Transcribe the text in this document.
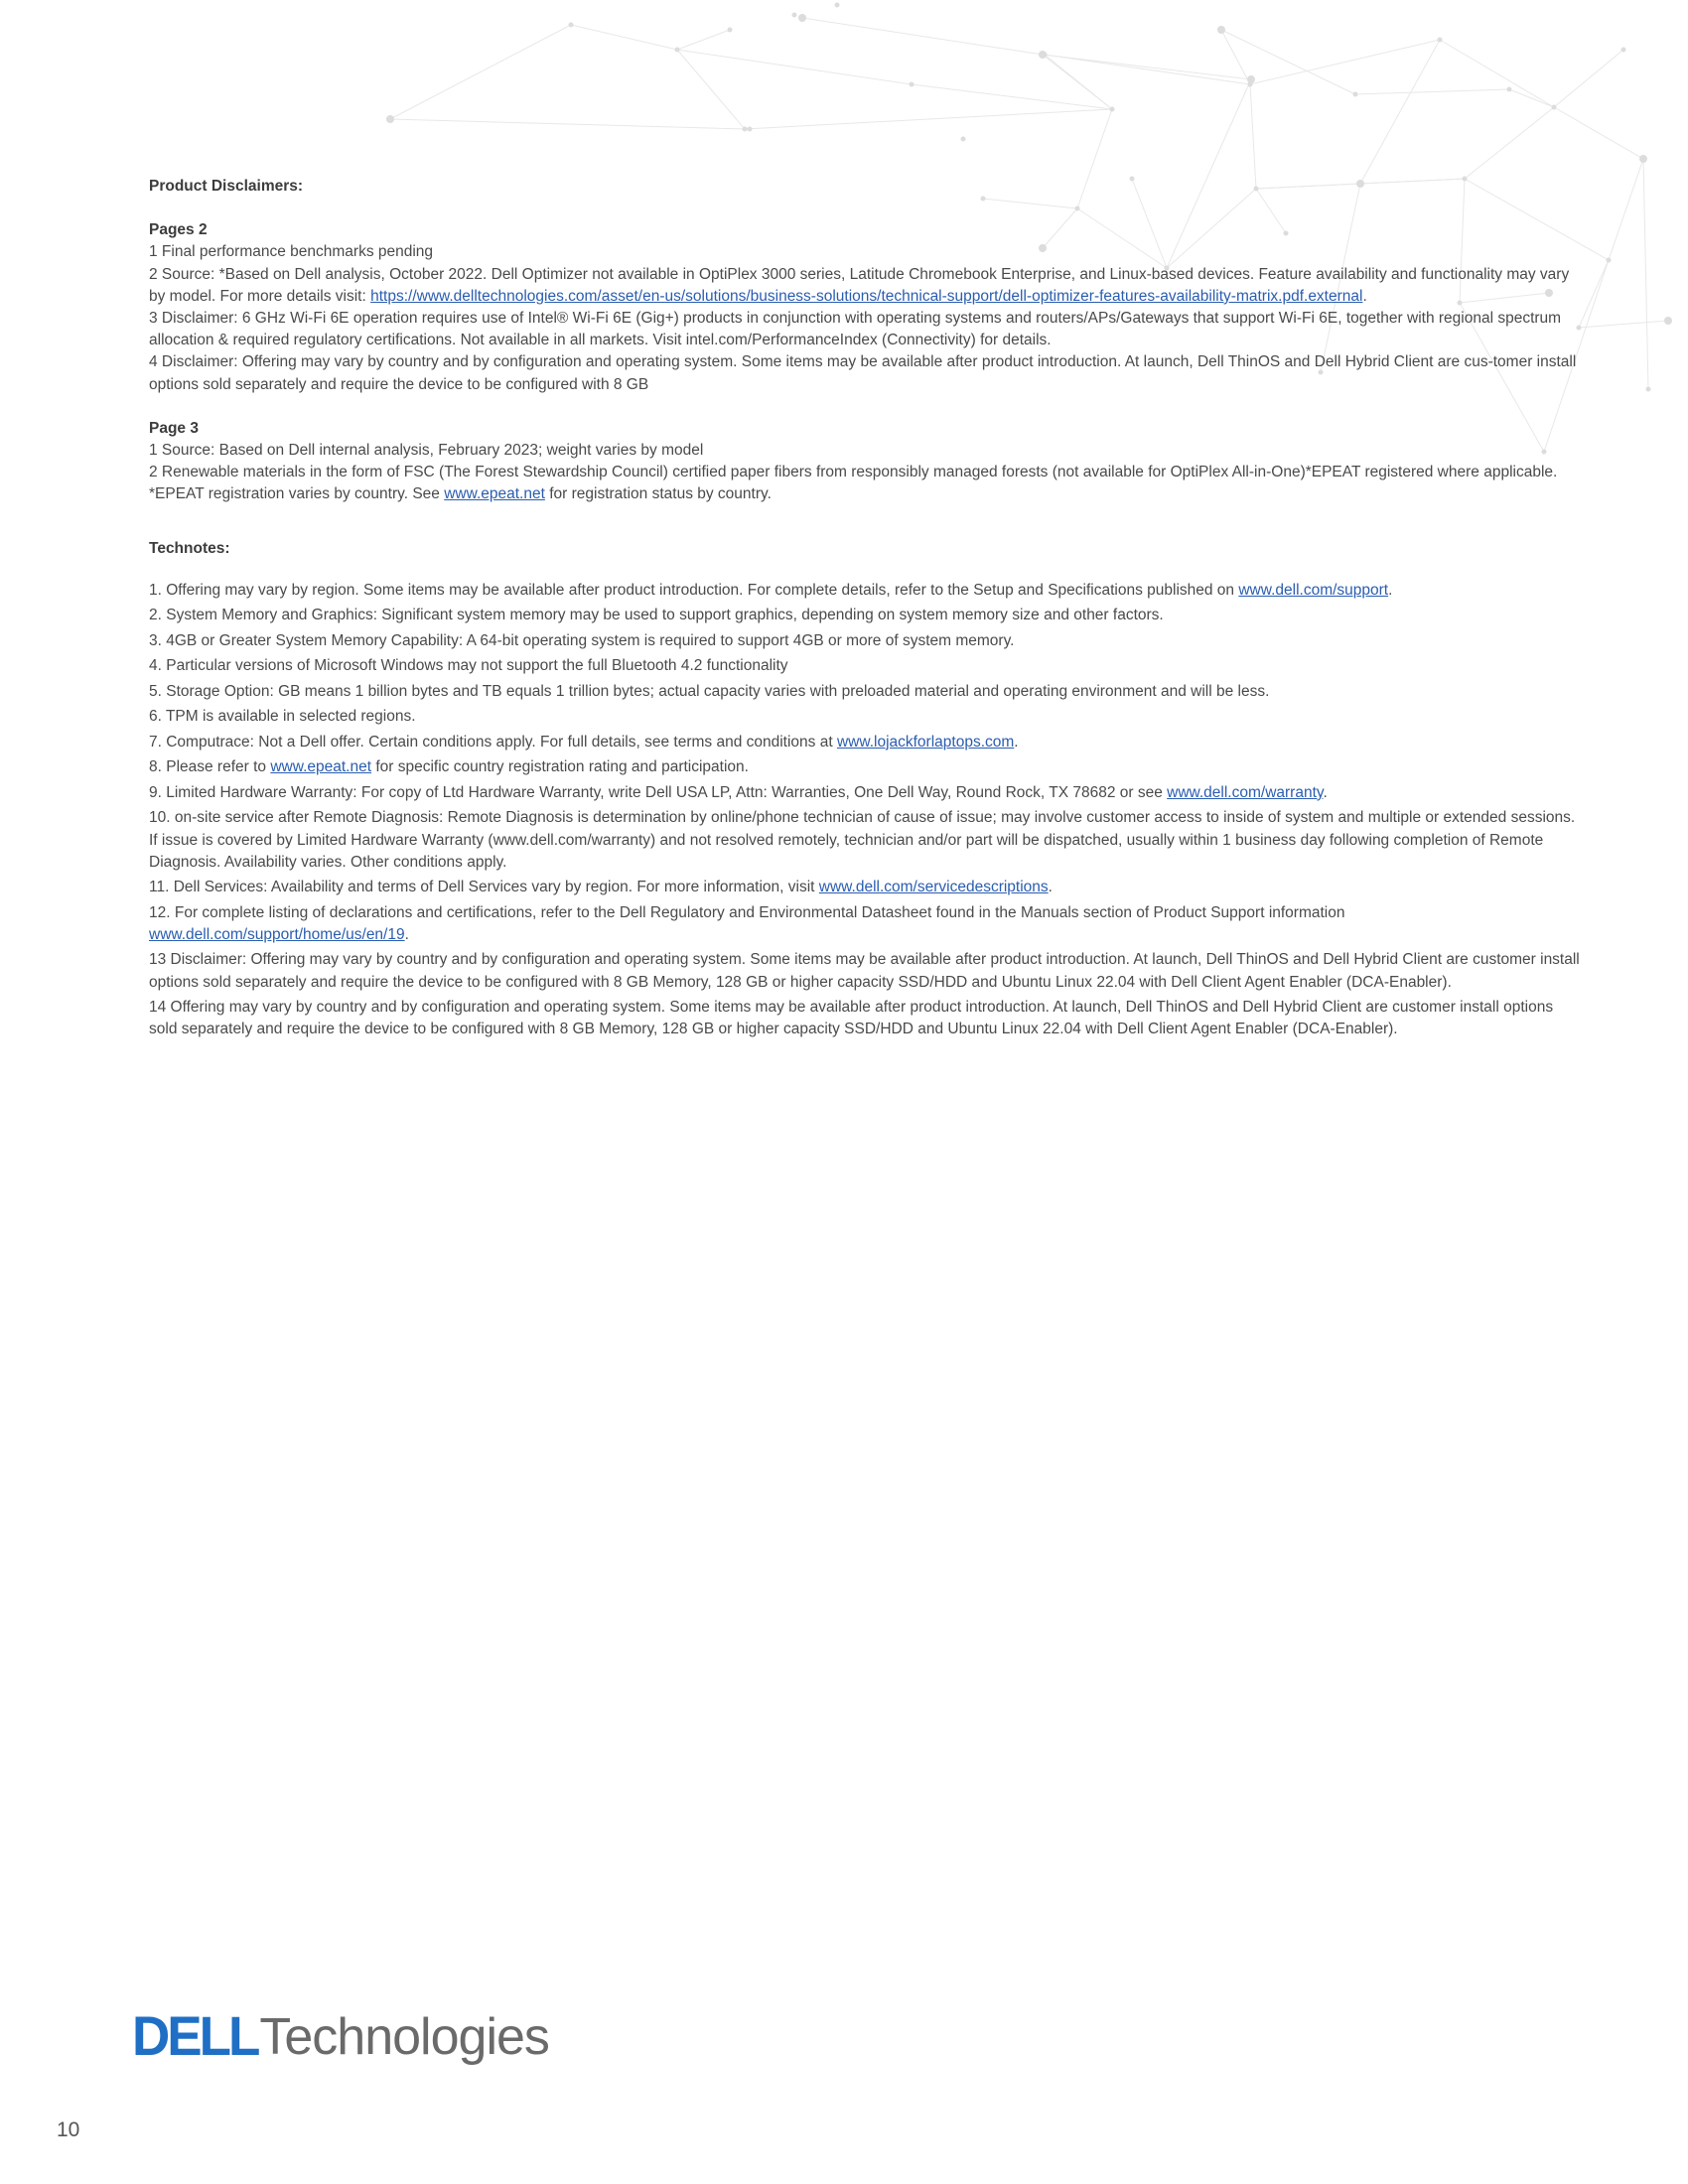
Product Disclaimers:

Pages 2

1 Final performance benchmarks pending

2 Source: *Based on Dell analysis, October 2022. Dell Optimizer not available in OptiPlex 3000 series, Latitude Chromebook Enterprise, and Linux-based devices. Feature availability and functionality may vary by model. For more details visit: https://www.delltechnologies.com/asset/en-us/solutions/business-solutions/technical-support/dell-optimizer-features-availability-matrix.pdf.external.

3 Disclaimer: 6 GHz Wi-Fi 6E operation requires use of Intel® Wi-Fi 6E (Gig+) products in conjunction with operating systems and routers/APs/Gateways that support Wi-Fi 6E, together with regional spectrum allocation & required regulatory certifications. Not available in all markets. Visit intel.com/PerformanceIndex (Connectivity) for details.

4 Disclaimer: Offering may vary by country and by configuration and operating system. Some items may be available after product introduction. At launch, Dell ThinOS and Dell Hybrid Client are cus-tomer install options sold separately and require the device to be configured with 8 GB

Page 3

1 Source: Based on Dell internal analysis, February 2023; weight varies by model

2 Renewable materials in the form of FSC (The Forest Stewardship Council) certified paper fibers from responsibly managed forests (not available for OptiPlex All-in-One)*EPEAT registered where applicable. *EPEAT registration varies by country. See www.epeat.net for registration status by country.

Technotes:

1. Offering may vary by region. Some items may be available after product introduction. For complete details, refer to the Setup and Specifications published on www.dell.com/support.

2. System Memory and Graphics: Significant system memory may be used to support graphics, depending on system memory size and other factors.

3. 4GB or Greater System Memory Capability: A 64-bit operating system is required to support 4GB or more of system memory.

4. Particular versions of Microsoft Windows may not support the full Bluetooth 4.2 functionality

5. Storage Option: GB means 1 billion bytes and TB equals 1 trillion bytes; actual capacity varies with preloaded material and operating environment and will be less.

6. TPM is available in selected regions.

7. Computrace: Not a Dell offer. Certain conditions apply. For full details, see terms and conditions at www.lojackforlaptops.com.

8. Please refer to www.epeat.net for specific country registration rating and participation.

9. Limited Hardware Warranty: For copy of Ltd Hardware Warranty, write Dell USA LP, Attn: Warranties, One Dell Way, Round Rock, TX 78682 or see www.dell.com/warranty.

10. on-site service after Remote Diagnosis: Remote Diagnosis is determination by online/phone technician of cause of issue; may involve customer access to inside of system and multiple or extended sessions. If issue is covered by Limited Hardware Warranty (www.dell.com/warranty) and not resolved remotely, technician and/or part will be dispatched, usually within 1 business day following completion of Remote Diagnosis. Availability varies. Other conditions apply.

11. Dell Services: Availability and terms of Dell Services vary by region. For more information, visit www.dell.com/servicedescriptions.

12. For complete listing of declarations and certifications, refer to the Dell Regulatory and Environmental Datasheet found in the Manuals section of Product Support information www.dell.com/support/home/us/en/19.

13 Disclaimer: Offering may vary by country and by configuration and operating system. Some items may be available after product introduction. At launch, Dell ThinOS and Dell Hybrid Client are customer install options sold separately and require the device to be configured with 8 GB Memory, 128 GB or higher capacity SSD/HDD and Ubuntu Linux 22.04 with Dell Client Agent Enabler (DCA-Enabler).

14 Offering may vary by country and by configuration and operating system. Some items may be available after product introduction. At launch, Dell ThinOS and Dell Hybrid Client are customer install options sold separately and require the device to be configured with 8 GB Memory, 128 GB or higher capacity SSD/HDD and Ubuntu Linux 22.04 with Dell Client Agent Enabler (DCA-Enabler).

DELL Technologies
10
